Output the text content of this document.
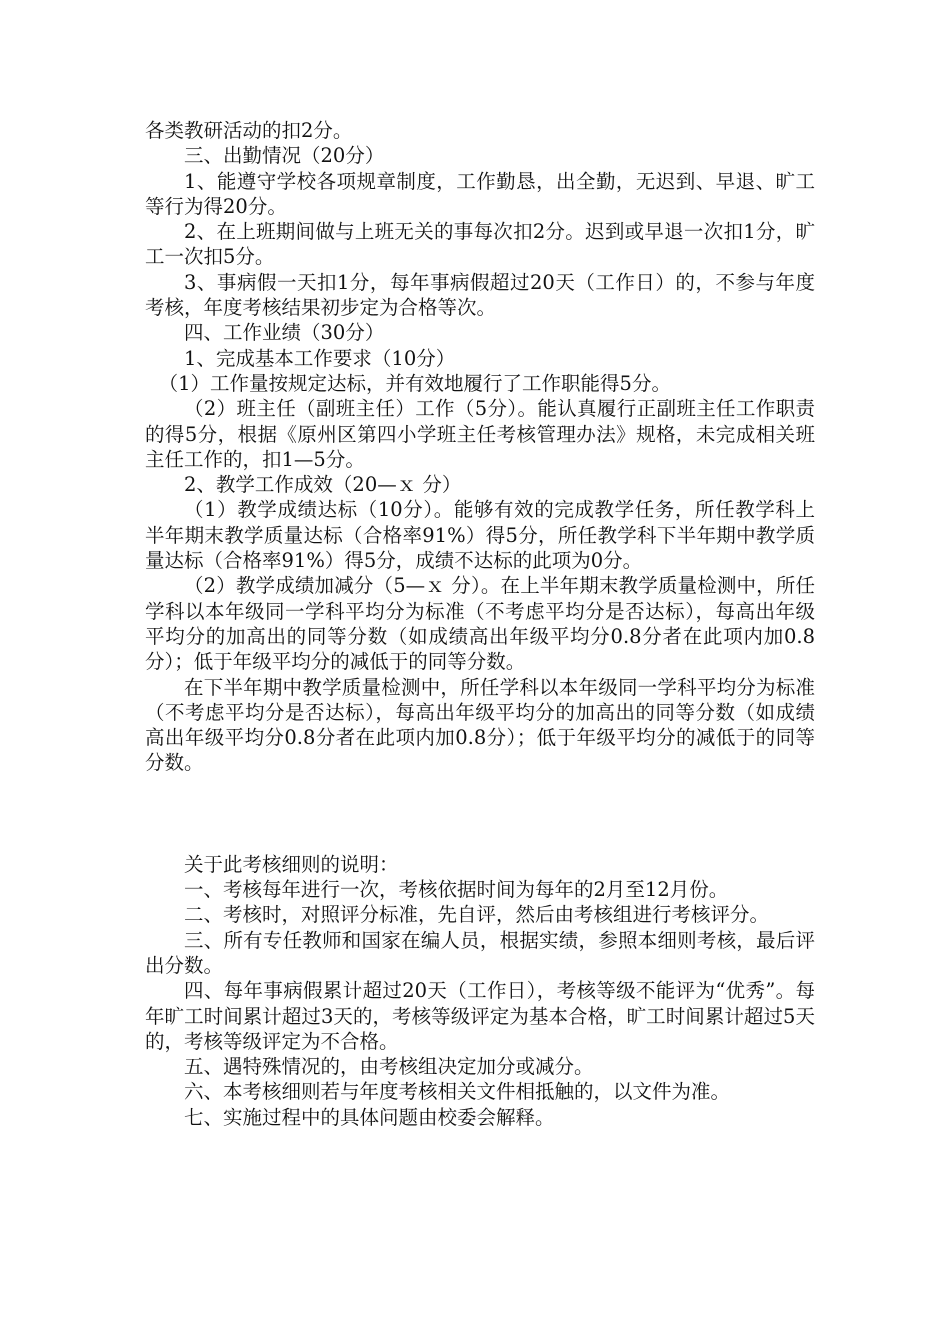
各类教研活动的扣2分。

三、出勤情况（20分）

1、能遵守学校各项规章制度，工作勤恳，出全勤，无迟到、早退、旷工等行为得20分。

2、在上班期间做与上班无关的事每次扣2分。迟到或早退一次扣1分，旷工一次扣5分。

3、事病假一天扣1分，每年事病假超过20天（工作日）的，不参与年度考核，年度考核结果初步定为合格等次。

四、工作业绩（30分）

1、完成基本工作要求（10分）

（1）工作量按规定达标，并有效地履行了工作职能得5分。

（2）班主任（副班主任）工作（5分）。能认真履行正副班主任工作职责的得5分，根据《原州区第四小学班主任考核管理办法》规格，未完成相关班主任工作的，扣1—5分。

2、教学工作成效（20—ｘ 分）

（1）教学成绩达标（10分）。能够有效的完成教学任务，所任教学科上半年期末教学质量达标（合格率91%）得5分，所任教学科下半年期中教学质量达标（合格率91%）得5分，成绩不达标的此项为0分。

（2）教学成绩加减分（5—ｘ 分）。在上半年期末教学质量检测中，所任学科以本年级同一学科平均分为标准（不考虑平均分是否达标），每高出年级平均分的加高出的同等分数（如成绩高出年级平均分0.8分者在此项内加0.8分）；低于年级平均分的减低于的同等分数。

在下半年期中教学质量检测中，所任学科以本年级同一学科平均分为标准（不考虑平均分是否达标），每高出年级平均分的加高出的同等分数（如成绩高出年级平均分0.8分者在此项内加0.8分）；低于年级平均分的减低于的同等分数。

关于此考核细则的说明：

一、考核每年进行一次，考核依据时间为每年的2月至12月份。

二、考核时，对照评分标准，先自评，然后由考核组进行考核评分。

三、所有专任教师和国家在编人员，根据实绩，参照本细则考核，最后评出分数。

四、每年事病假累计超过20天（工作日），考核等级不能评为“优秀”。每年旷工时间累计超过3天的，考核等级评定为基本合格，旷工时间累计超过5天的，考核等级评定为不合格。

五、遇特殊情况的，由考核组决定加分或减分。

六、本考核细则若与年度考核相关文件相抵触的，以文件为准。

七、实施过程中的具体问题由校委会解释。
